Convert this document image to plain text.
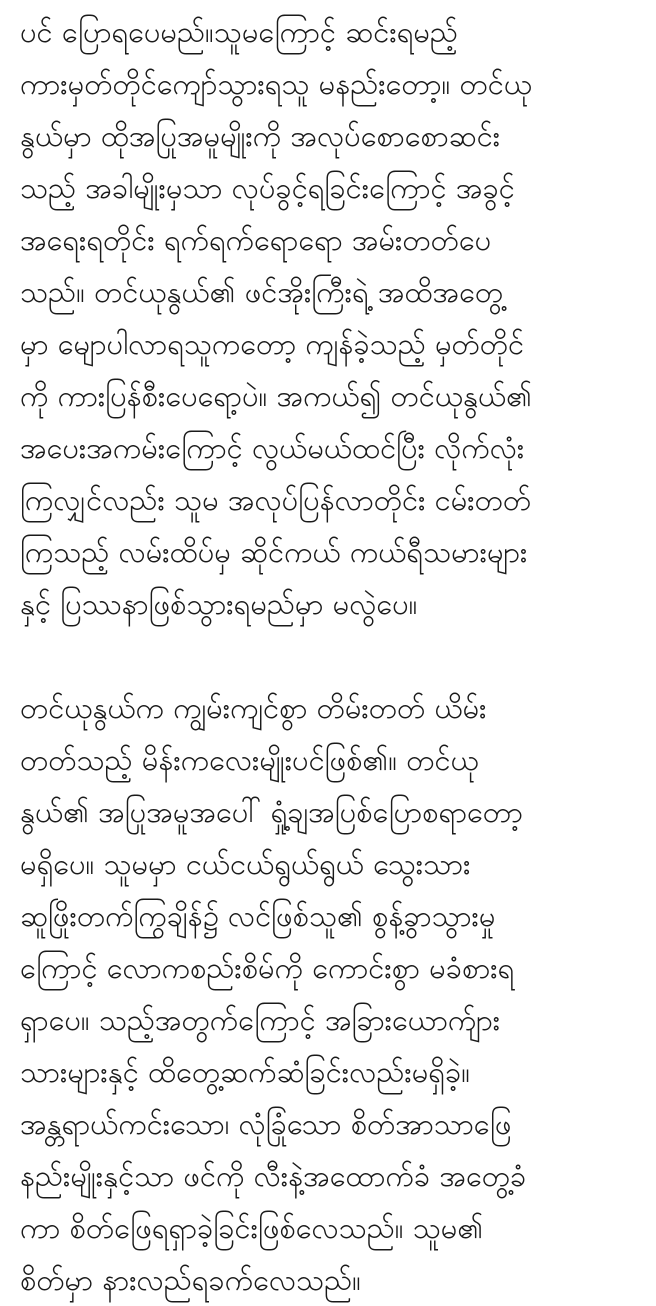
ပင် ပြောရပေမည်။သူမကြောင့် ဆင်းရမည့်
ကားမှတ်တိုင်ကျော်သွားရသူ မနည်းတော့။ တင်ယု
နွယ်မှာ ထိုအပြုအမူမျိုးကို အလုပ်စောစောဆင်း
သည့် အခါမျိုးမှသာ လုပ်ခွင့်ရခြင်းကြောင့် အခွင့်
အရေးရတိုင်း ရက်ရက်ရောရော အမ်းတတ်ပေ
သည်။ တင်ယုနွယ်၏ ဖင်အိုးကြီးရဲ့ အထိအတွေ့
မှာ မျောပါလာရသူကတော့ ကျန်ခဲ့သည့် မှတ်တိုင်
ကို ကားပြန်စီးပေရော့ပဲ။ အကယ်၍ တင်ယုနွယ်၏
အပေးအကမ်းကြောင့် လွယ်မယ်ထင်ပြီး လိုက်လုံး
ကြလျှင်လည်း သူမ အလုပ်ပြန်လာတိုင်း ငမ်းတတ်
ကြသည့် လမ်းထိပ်မှ ဆိုင်ကယ် ကယ်ရီသမားများ
နှင့် ပြဿနာဖြစ်သွားရမည်မှာ မလွဲပေ။
တင်ယုနွယ်က ကျွမ်းကျင်စွာ တိမ်းတတ် ယိမ်း
တတ်သည့် မိန်းကလေးမျိုးပင်ဖြစ်၏။ တင်ယု
နွယ်၏ အပြုအမူအပေါ် ရှုံ့ချအပြစ်ပြောစရာတော့
မရှိပေ။ သူမမှာ ငယ်ငယ်ရွယ်ရွယ် သွေးသား
ဆူဖြိုးတက်ကြွချိန်၌ လင်ဖြစ်သူ၏ စွန့်ခွာသွားမှု
ကြောင့် လောကစည်းစိမ်ကို ကောင်းစွာ မခံစားရ
ရှာပေ။ သည့်အတွက်ကြောင့် အခြားယောက်ျား
သားများနှင့် ထိတွေ့ဆက်ဆံခြင်းလည်းမရှိခဲ့။
အန္တရာယ်ကင်းသော၊ လုံခြုံသော စိတ်အာသာဖြေ
နည်းမျိုးနှင့်သာ ဖင်ကို လီးနဲ့အထောက်ခံ အတွေ့ခံ
ကာ စိတ်ဖြေရရှာခဲ့ခြင်းဖြစ်လေသည်။ သူမ၏
စိတ်မှာ နားလည်ရခက်လေသည်။
